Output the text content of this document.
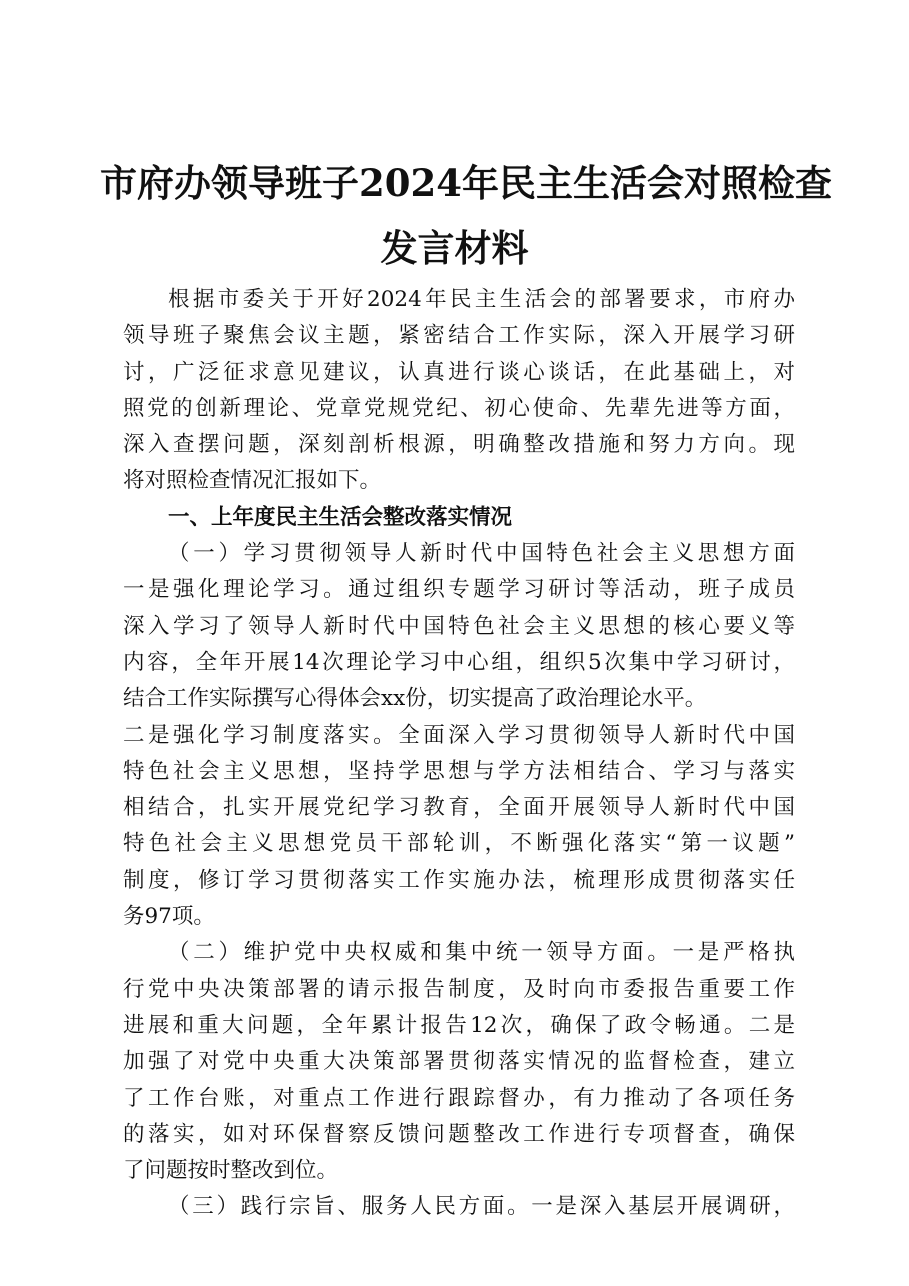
市府办领导班子2024年民主生活会对照检查
发言材料
根据市委关于开好2024年民主生活会的部署要求，市府办
领导班子聚焦会议主题，紧密结合工作实际，深入开展学习研
讨，广泛征求意见建议，认真进行谈心谈话，在此基础上，对
照党的创新理论、党章党规党纪、初心使命、先辈先进等方面，
深入查摆问题，深刻剖析根源，明确整改措施和努力方向。现
将对照检查情况汇报如下。
一、上年度民主生活会整改落实情况
（一）学习贯彻领导人新时代中国特色社会主义思想方面
一是强化理论学习。通过组织专题学习研讨等活动，班子成员
深入学习了领导人新时代中国特色社会主义思想的核心要义等
内容，全年开展14次理论学习中心组，组织5次集中学习研讨，
结合工作实际撰写心得体会xx份，切实提高了政治理论水平。
二是强化学习制度落实。全面深入学习贯彻领导人新时代中国
特色社会主义思想，坚持学思想与学方法相结合、学习与落实
相结合，扎实开展党纪学习教育，全面开展领导人新时代中国
特色社会主义思想党员干部轮训，不断强化落实“第一议题”
制度，修订学习贯彻落实工作实施办法，梳理形成贯彻落实任
务97项。
（二）维护党中央权威和集中统一领导方面。一是严格执
行党中央决策部署的请示报告制度，及时向市委报告重要工作
进展和重大问题，全年累计报告12次，确保了政令畅通。二是
加强了对党中央重大决策部署贯彻落实情况的监督检查，建立
了工作台账，对重点工作进行跟踪督办，有力推动了各项任务
的落实，如对环保督察反馈问题整改工作进行专项督查，确保
了问题按时整改到位。
（三）践行宗旨、服务人民方面。一是深入基层开展调研，
